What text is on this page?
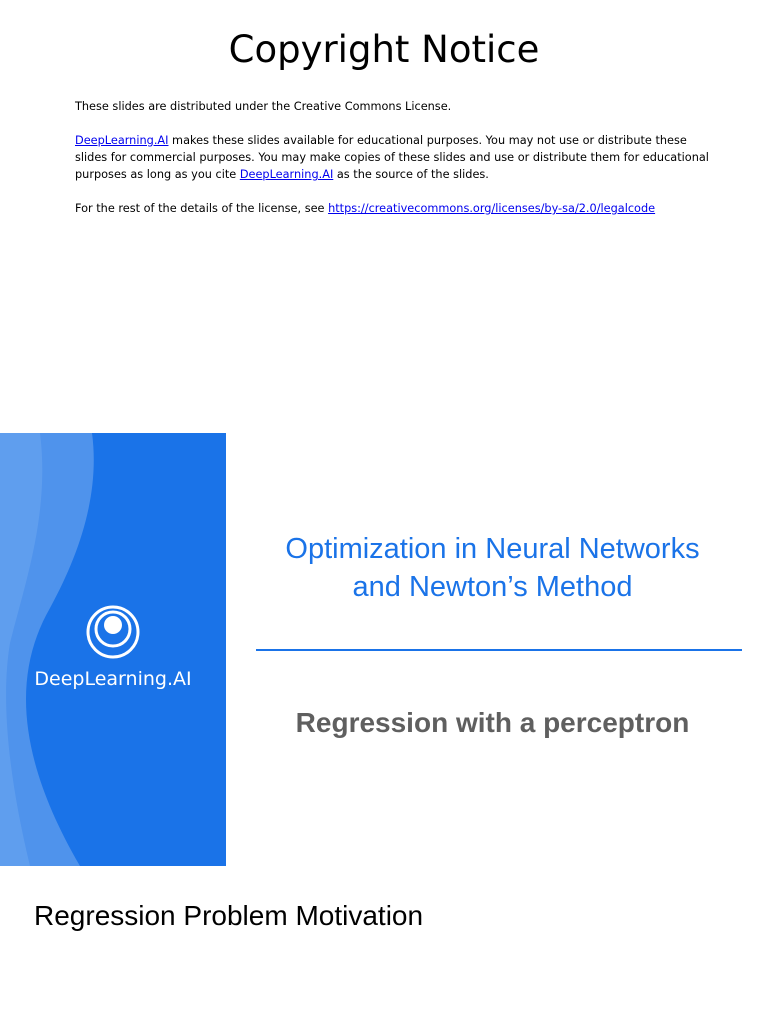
Copyright Notice

These slides are distributed under the Creative Commons License.

DeepLearning.AI makes these slides available for educational purposes. You may not use or distribute these slides for commercial purposes. You may make copies of these slides and use or distribute them for educational purposes as long as you cite DeepLearning.AI as the source of the slides.

For the rest of the details of the license, see https://creativecommons.org/licenses/by-sa/2.0/legalcode

DeepLearning.AI
Optimization in Neural Networks
and Newton’s Method
Regression with a perceptron
Regression Problem Motivation
